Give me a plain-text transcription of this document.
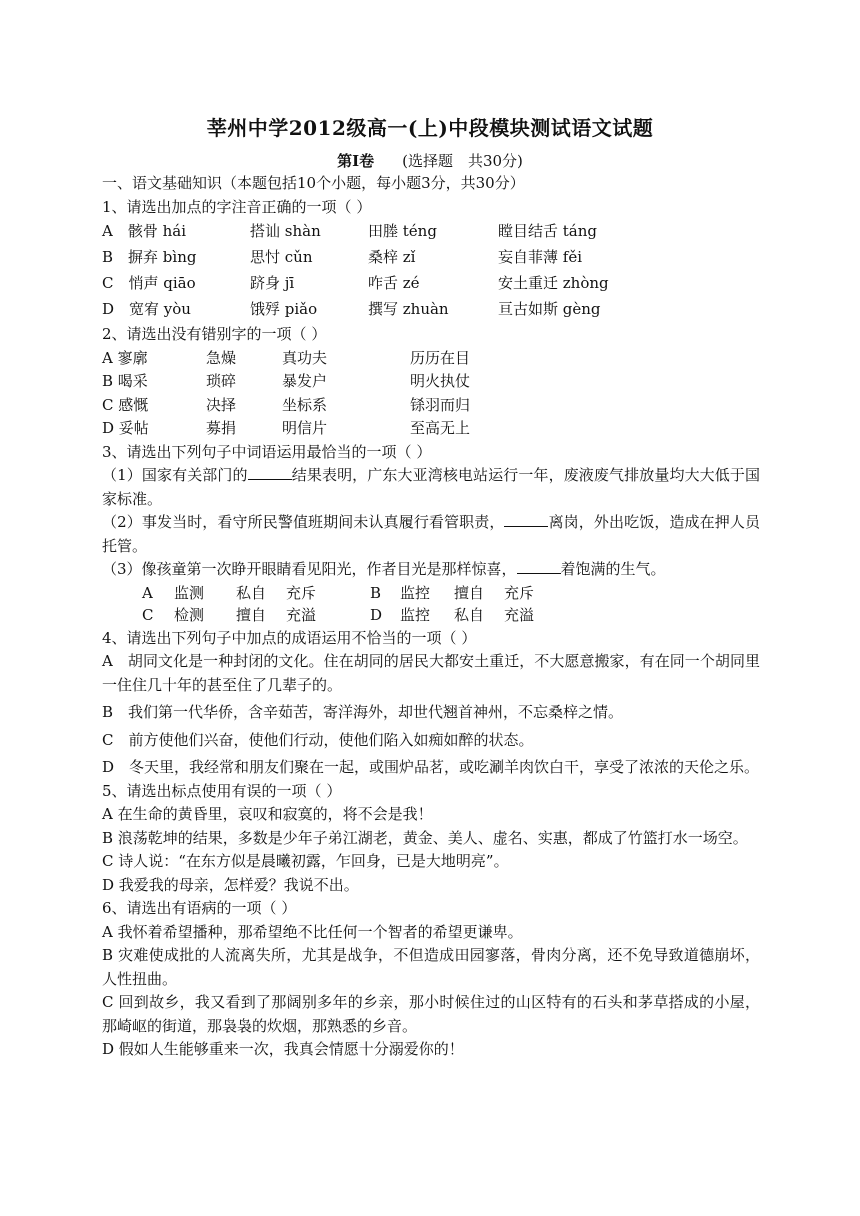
莘州中学2012级高一(上)中段模块测试语文试题
第Ⅰ卷 (选择题　共30分)
一、语文基础知识（本题包括10个小题，每小题3分，共30分）
1、请选出加点的字注音正确的一项（ ）
A　骸骨 hái	搭讪 shàn	田塍 téng	瞠目结舌 táng
B　摒弃 bìng	思忖 cǔn	桑梓 zǐ	妄自菲薄 fěi
C　悄声 qiāo	跻身 jī	咋舌 zé	安土重迁 zhòng
D　宽宥 yòu	饿殍 piǎo	撰写 zhuàn	亘古如斯 gèng
2、请选出没有错别字的一项（ ）
A 寥廓	急燥	真功夫	历历在目
B 喝采	琐碎	暴发户	明火执仗
C 感慨	决择	坐标系	铩羽而归
D 妥帖	募捐	明信片	至高无上
3、请选出下列句子中词语运用最恰当的一项（ ）

（1）国家有关部门的	结果表明，广东大亚湾核电站运行一年，废液废气排放量均大大低于国家标准。

（2）事发当时，看守所民警值班期间未认真履行看管职责，	离岗，外出吃饭，造成在押人员托管。

（3）像孩童第一次睁开眼睛看见阳光，作者目光是那样惊喜，	着饱满的生气。

A	监测	私自	充斥	B	监控	擅自	充斥
C	检测	擅自	充溢	D	监控	私自	充溢
4、请选出下列句子中加点的成语运用不恰当的一项（ ）

A　胡同文化是一种封闭的文化。住在胡同的居民大都安土重迁，不大愿意搬家，有在同一个胡同里一住住几十年的甚至住了几辈子的。

B　我们第一代华侨，含辛茹苦，寄洋海外，却世代翘首神州，不忘桑梓之情。

C　前方使他们兴奋，使他们行动，使他们陷入如痴如醉的状态。

D　冬天里，我经常和朋友们聚在一起，或围炉品茗，或吃涮羊肉饮白干，享受了浓浓的天伦之乐。

5、请选出标点使用有误的一项（ ）

A 在生命的黄昏里，哀叹和寂寞的，将不会是我！

B 浪荡乾坤的结果，多数是少年子弟江湖老，黄金、美人、虚名、实惠，都成了竹篮打水一场空。

C 诗人说：“在东方似是晨曦初露，乍回身，已是大地明亮”。

D 我爱我的母亲，怎样爱？我说不出。

6、请选出有语病的一项（ ）

A 我怀着希望播种，那希望绝不比任何一个智者的希望更谦卑。

B 灾难使成批的人流离失所，尤其是战争，不但造成田园寥落，骨肉分离，还不免导致道德崩坏，人性扭曲。

C 回到故乡，我又看到了那阔别多年的乡亲，那小时候住过的山区特有的石头和茅草搭成的小屋，那崎岖的街道，那袅袅的炊烟，那熟悉的乡音。

D 假如人生能够重来一次，我真会情愿十分溺爱你的！
